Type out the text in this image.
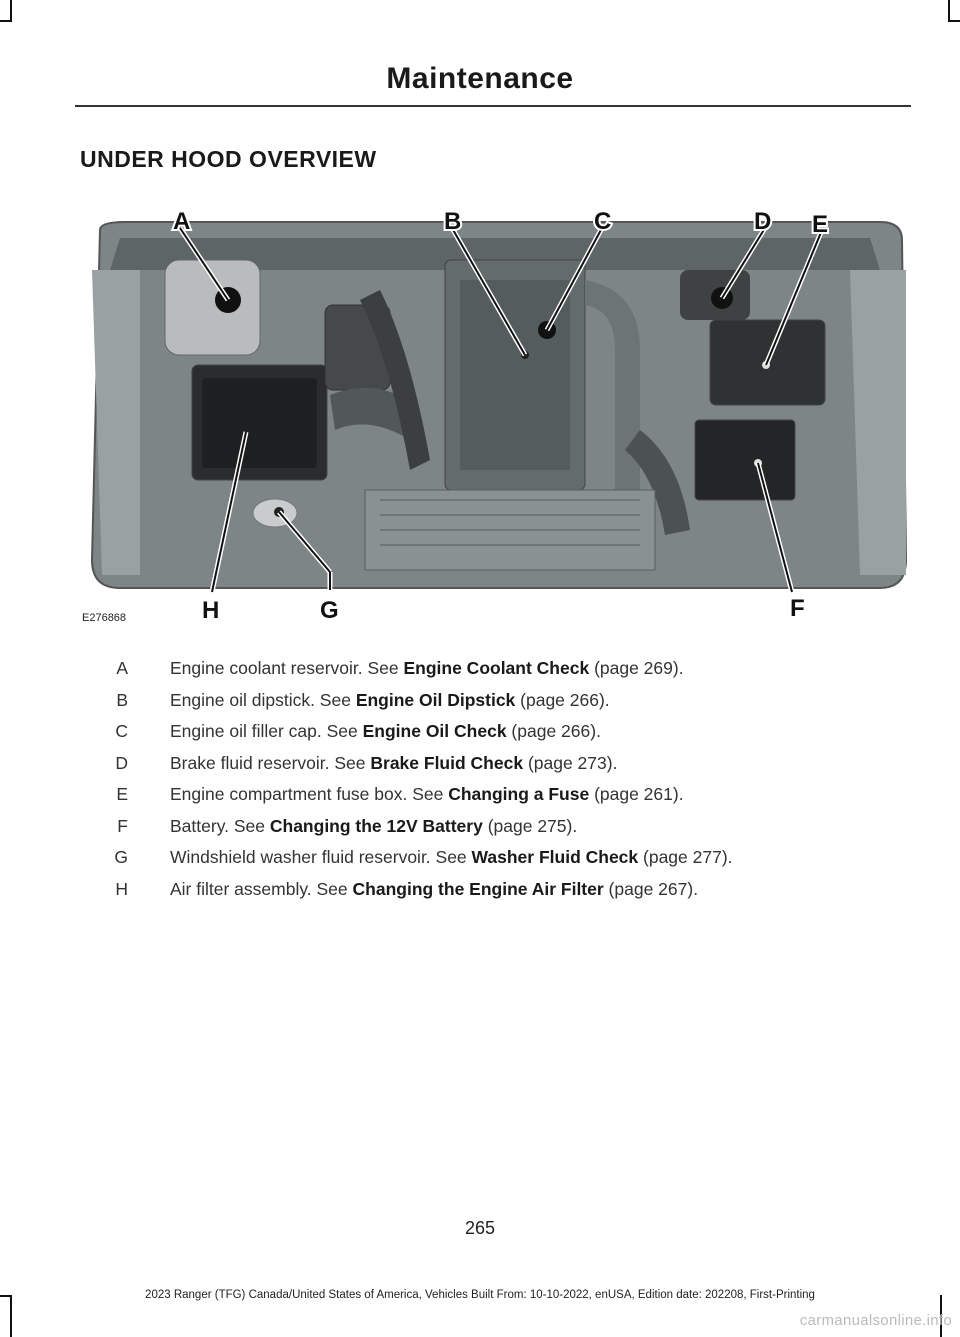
Maintenance
UNDER HOOD OVERVIEW
A	B	C	D E
F
G
H
E276868
A Engine coolant reservoir. See Engine Coolant Check (page 269).
B Engine oil dipstick. See Engine Oil Dipstick (page 266).
C Engine oil filler cap. See Engine Oil Check (page 266).
D Brake fluid reservoir. See Brake Fluid Check (page 273).
E Engine compartment fuse box. See Changing a Fuse (page 261).
F Battery. See Changing the 12V Battery (page 275).
G Windshield washer fluid reservoir. See Washer Fluid Check (page 277).
H Air filter assembly. See Changing the Engine Air Filter (page 267).
265
2023 Ranger (TFG) Canada/United States of America, Vehicles Built From: 10-10-2022, enUSA, Edition date: 202208, First-Printing
carmanualsonline.info
